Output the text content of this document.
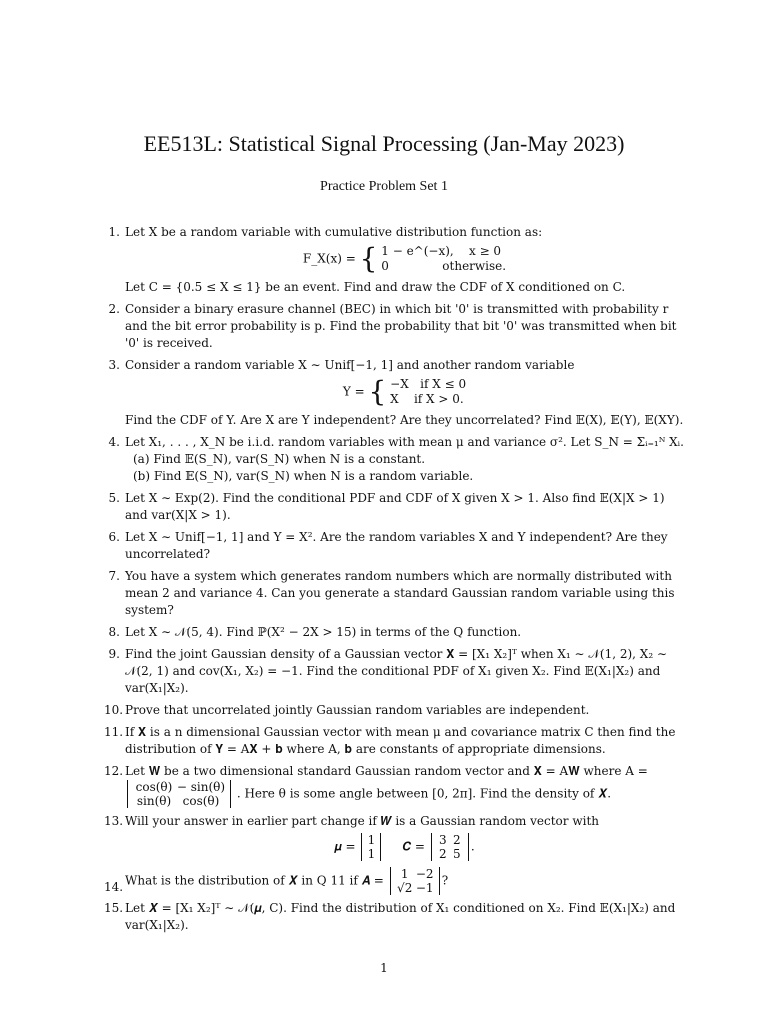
EE513L: Statistical Signal Processing (Jan-May 2023)
Practice Problem Set 1
1. Let X be a random variable with cumulative distribution function as:
F_X(x) = { 1 − e^(−x),    x ≥ 0
0              otherwise.
Let C = {0.5 ≤ X ≤ 1} be an event. Find and draw the CDF of X conditioned on C.
2. Consider a binary erasure channel (BEC) in which bit '0' is transmitted with probability r and the bit error probability is p. Find the probability that bit '0' was transmitted when bit '0' is received.
3. Consider a random variable X ∼ Unif[−1, 1] and another random variable
Y = { −X   if X ≤ 0
X    if X > 0.
Find the CDF of Y. Are X are Y independent? Are they uncorrelated? Find 𝔼(X), 𝔼(Y), 𝔼(XY).
4. Let X₁, . . . , X_N be i.i.d. random variables with mean μ and variance σ². Let S_N = Σᵢ₌₁ᴺ Xᵢ.
(a) Find 𝔼(S_N), var(S_N) when N is a constant.
(b) Find 𝔼(S_N), var(S_N) when N is a random variable.
5. Let X ∼ Exp(2). Find the conditional PDF and CDF of X given X > 1. Also find 𝔼(X|X > 1) and var(X|X > 1).
6. Let X ∼ Unif[−1, 1] and Y = X². Are the random variables X and Y independent? Are they uncorrelated?
7. You have a system which generates random numbers which are normally distributed with mean 2 and variance 4. Can you generate a standard Gaussian random variable using this system?
8. Let X ∼ 𝒩(5, 4). Find ℙ(X² − 2X > 15) in terms of the Q function.
9. Find the joint Gaussian density of a Gaussian vector 𝐗 = [X₁ X₂]ᵀ when X₁ ∼ 𝒩(1, 2), X₂ ∼ 𝒩(2, 1) and cov(X₁, X₂) = −1. Find the conditional PDF of X₁ given X₂. Find 𝔼(X₁|X₂) and var(X₁|X₂).
10. Prove that uncorrelated jointly Gaussian random variables are independent.
11. If 𝐗 is a n dimensional Gaussian vector with mean μ and covariance matrix C then find the distribution of 𝐘 = A𝐗 + 𝐛 where A, 𝐛 are constants of appropriate dimensions.
12. Let 𝐖 be a two dimensional standard Gaussian random vector and 𝐗 = A𝐖 where A = cos(θ) − sin(θ)
sin(θ) cos(θ) . Here θ is some angle between [0, 2π]. Find the density of 𝑿.
13. Will your answer in earlier part change if 𝑾 is a Gaussian random vector with
𝝁 = 1
1     𝑪 = 3 2
2 5.
14. What is the distribution of 𝑿 in Q 11 if 𝑨 = 1 −2
√2 −1?
15. Let 𝑿 = [X₁ X₂]ᵀ ∼ 𝒩(𝝁, C). Find the distribution of X₁ conditioned on X₂. Find 𝔼(X₁|X₂) and var(X₁|X₂).
1
